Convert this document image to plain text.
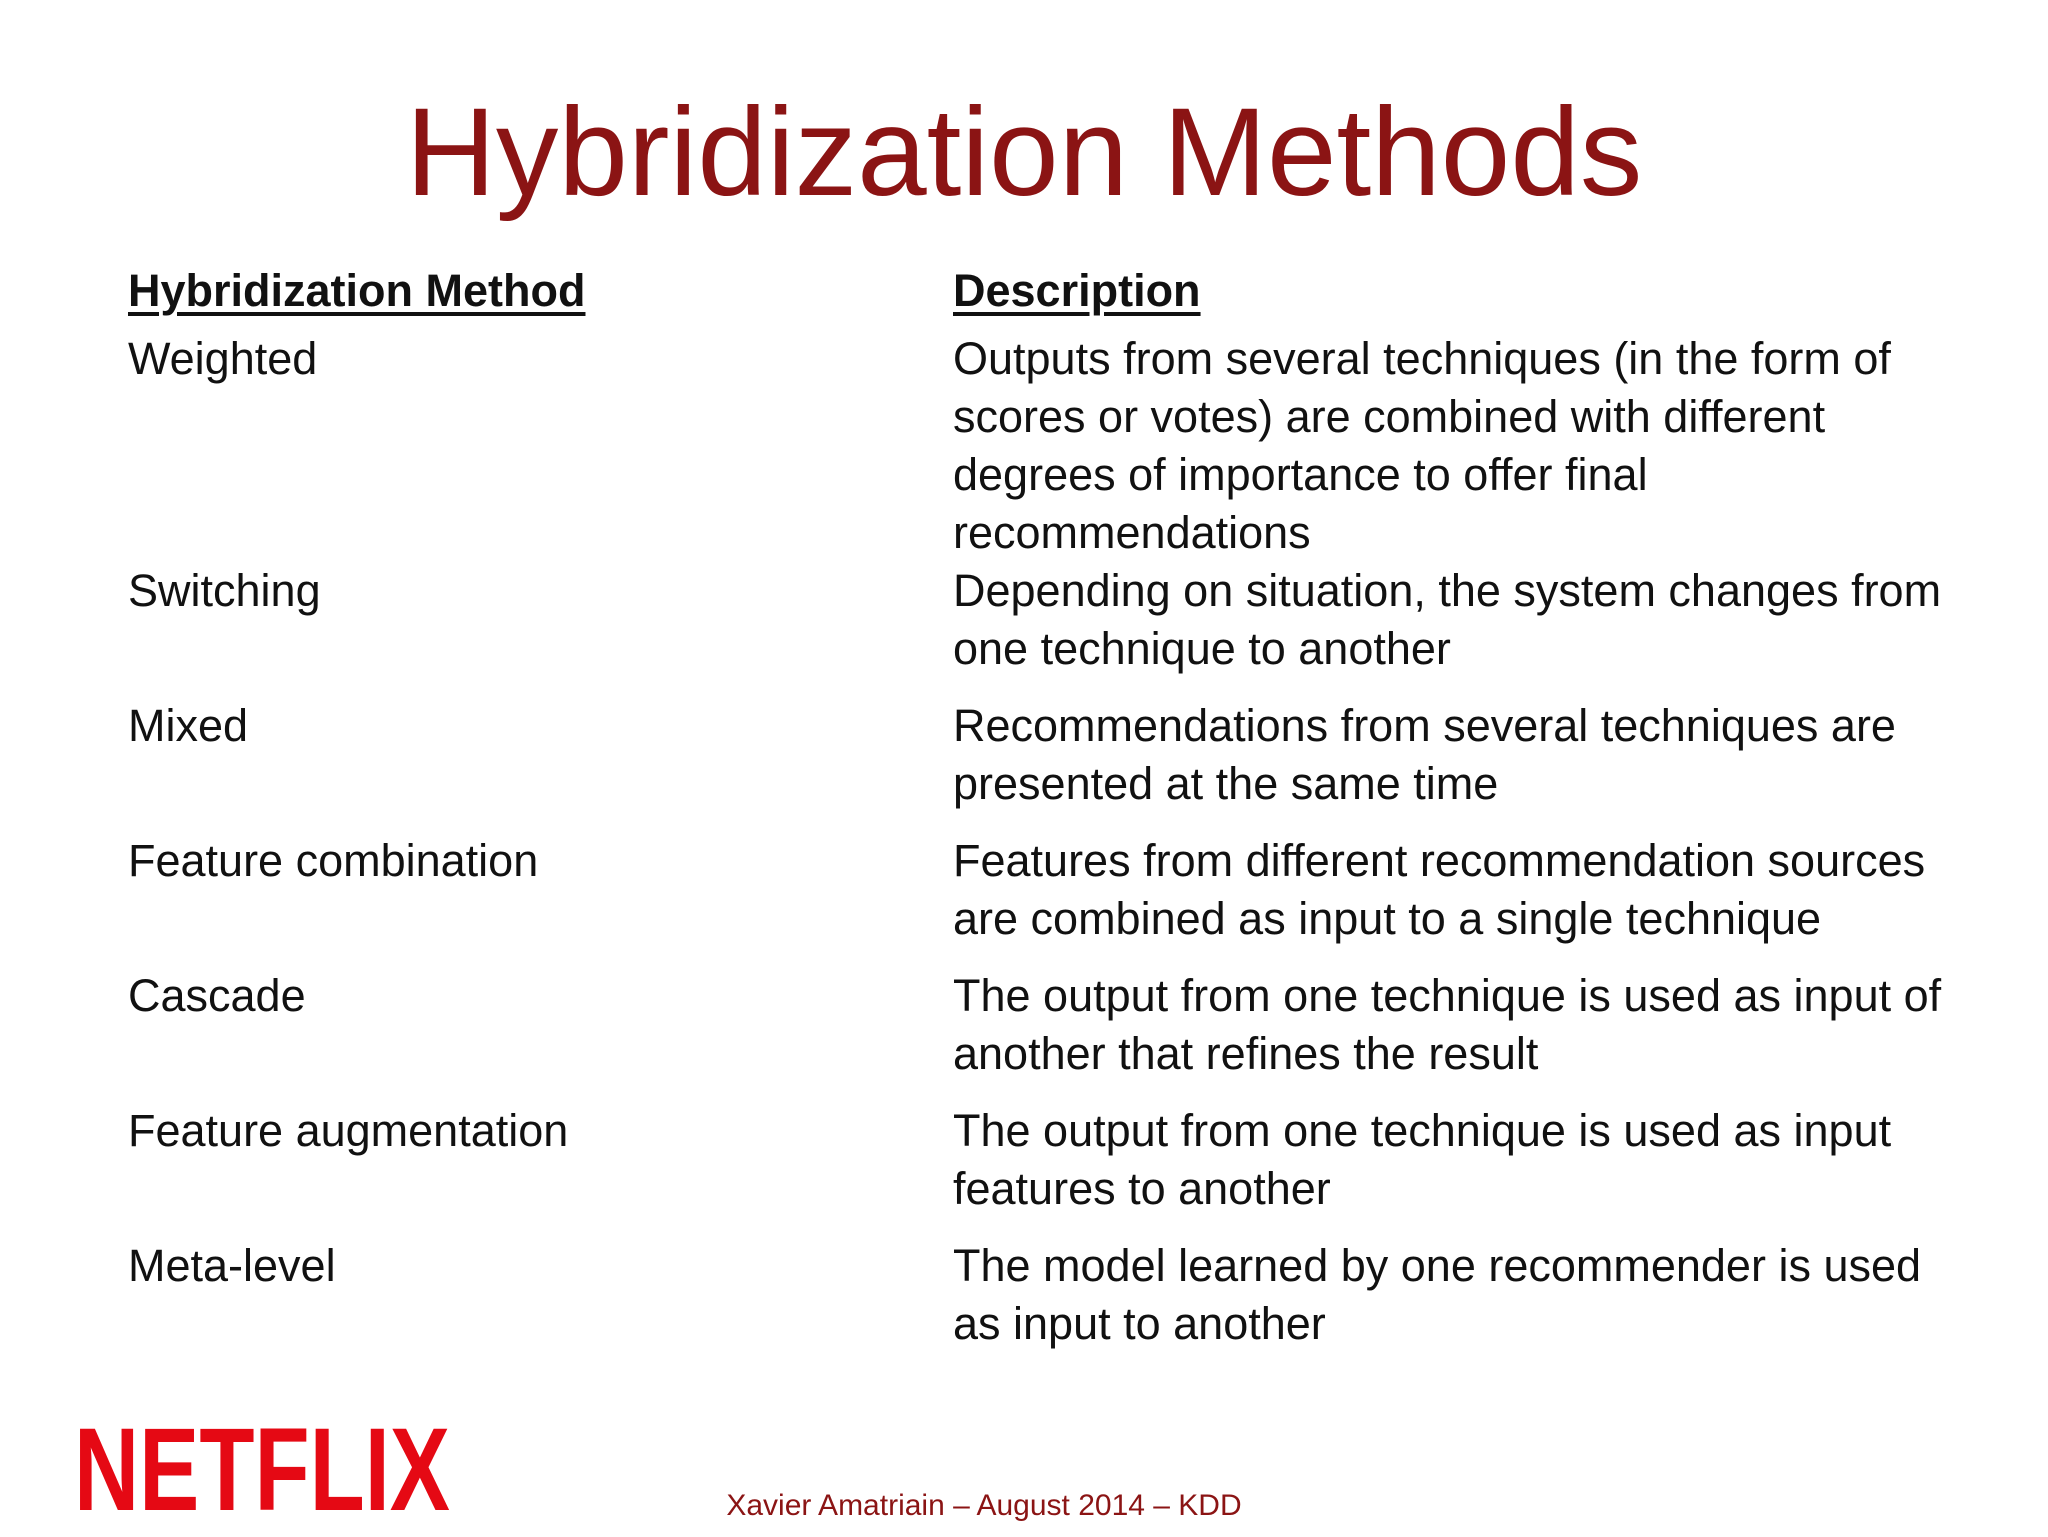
Hybridization Methods
Hybridization Method	Description
Weighted	Outputs from several techniques (in the form of
scores or votes) are combined with different
degrees of importance to offer final
recommendations
Switching	Depending on situation, the system changes from
one technique to another
Mixed	Recommendations from several techniques are
presented at the same time
Feature combination	Features from different recommendation sources
are combined as input to a single technique
Cascade	The output from one technique is used as input of
another that refines the result
Feature augmentation	The output from one technique is used as input
features to another
Meta-level	The model learned by one recommender is used
as input to another
NETFLIX	Xavier Amatriain – August 2014 – KDD
